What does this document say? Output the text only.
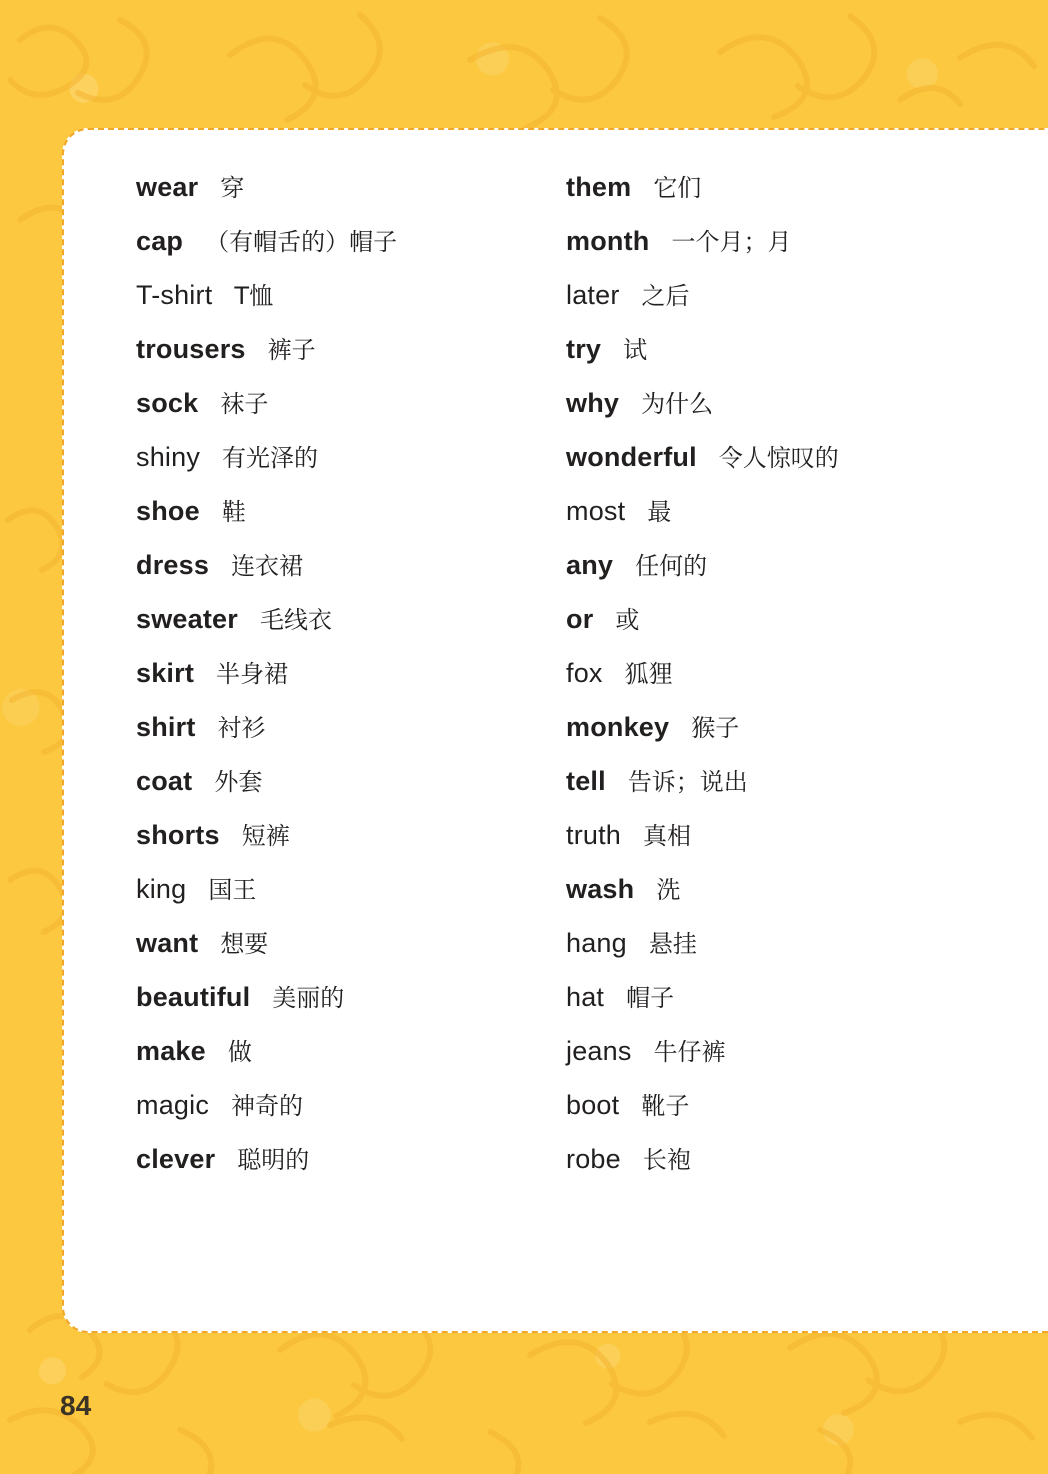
wear 穿
cap （有帽舌的）帽子
T-shirt T恤
trousers 裤子
sock 袜子
shiny 有光泽的
shoe 鞋
dress 连衣裙
sweater 毛线衣
skirt 半身裙
shirt 衬衫
coat 外套
shorts 短裤
king 国王
want 想要
beautiful 美丽的
make 做
magic 神奇的
clever 聪明的
them 它们
month 一个月；月
later 之后
try 试
why 为什么
wonderful 令人惊叹的
most 最
any 任何的
or 或
fox 狐狸
monkey 猴子
tell 告诉；说出
truth 真相
wash 洗
hang 悬挂
hat 帽子
jeans 牛仔裤
boot 靴子
robe 长袍
84
